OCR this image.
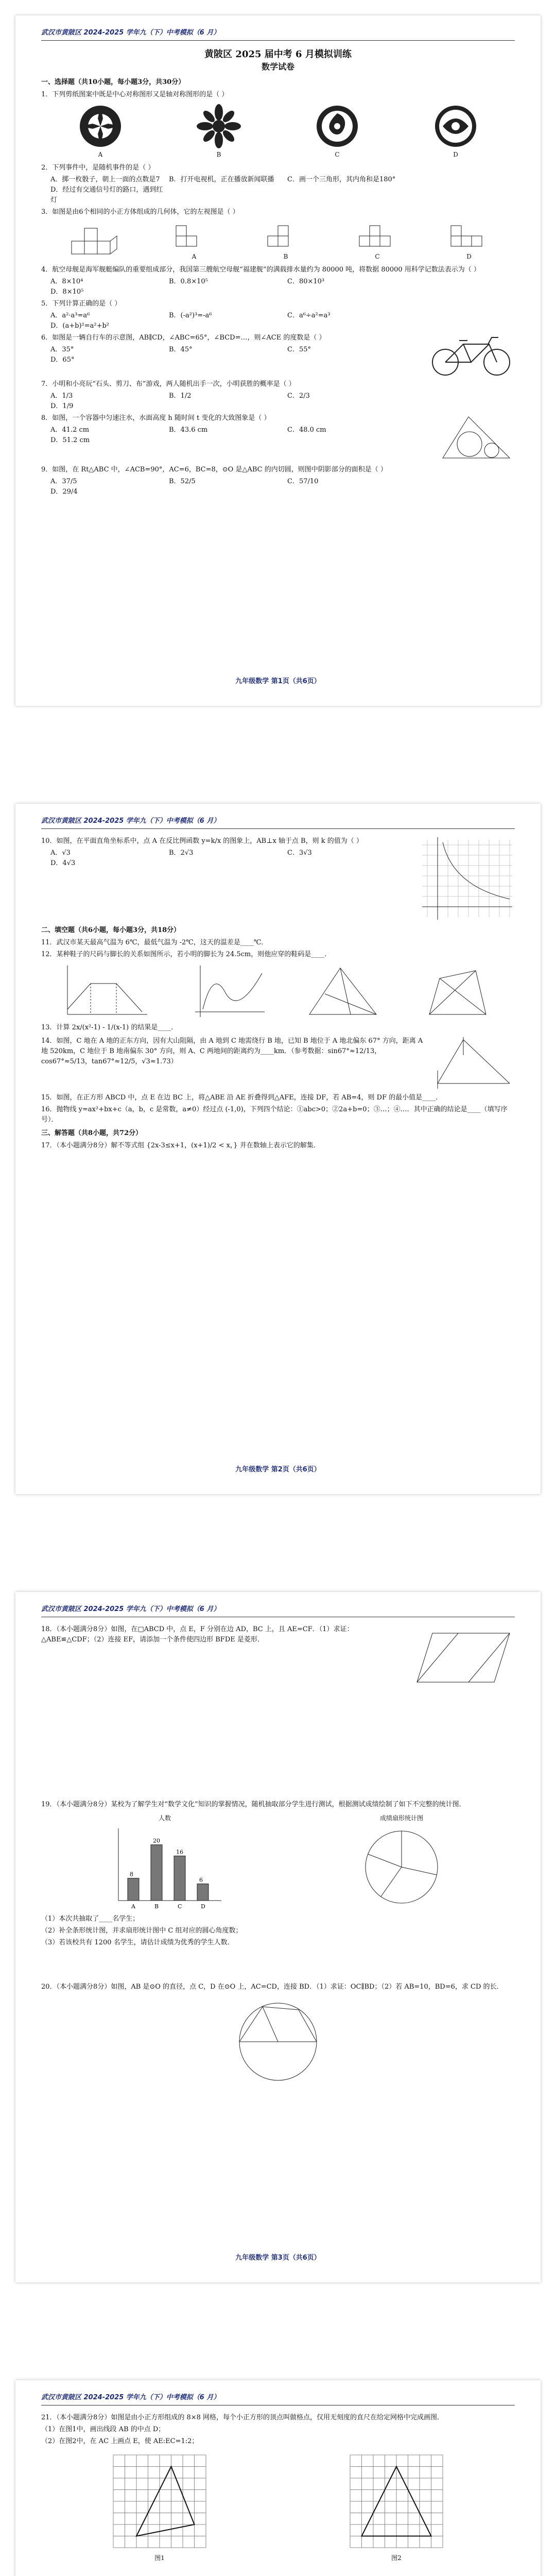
武汉市黄陂区 2024-2025 学年九（下）中考模拟（6 月）
黄陂区 2025 届中考 6 月模拟训练
数学试卷
一、选择题（共10小题，每小题3分，共30分）
1．下列剪纸图案中既是中心对称图形又是轴对称图形的是（ ）
A	B	C	D
2．下列事件中，是随机事件的是（ ）
A．掷一枚骰子，朝上一面的点数是7	B．打开电视机，正在播放新闻联播	C．画一个三角形，其内角和是180°
D．经过有交通信号灯的路口，遇到红灯
3．如图是由6个相同的小正方体组成的几何体，它的左视图是（ ）
A	B	C	D
4．航空母舰是海军舰艇编队的重要组成部分，我国第三艘航空母舰“福建舰”的满载排水量约为 80000 吨，将数据 80000 用科学记数法表示为（ ）
A．8×10⁴	B．0.8×10⁵	C．80×10³
D．8×10⁵
5．下列计算正确的是（ ）
A．a²·a³=a⁶	B．(-a²)³=-a⁶	C．a⁶÷a²=a³
D．(a+b)²=a²+b²
6．如图是一辆自行车的示意图，AB∥CD，∠ABC=65°，∠BCD=…，则∠ACE 的度数是（ ）
A．35°	B．45°	C．55°
D．65°
7．小明和小亮玩“石头、剪刀、布”游戏，两人随机出手一次，小明获胜的概率是（ ）
A．1/3	B．1/2	C．2/3
D．1/9
8．如图，一个容器中匀速注水，水面高度 h 随时间 t 变化的大致图象是（ ）
A．41.2 cm	B．43.6 cm	C．48.0 cm
D．51.2 cm
9．如图，在 Rt△ABC 中，∠ACB=90°，AC=6，BC=8，⊙O 是△ABC 的内切圆，则图中阴影部分的面积是（ ）
A．37/5	B．52/5	C．57/10
D．29/4
九年级数学 第1页（共6页）
武汉市黄陂区 2024-2025 学年九（下）中考模拟（6 月）
10．如图，在平面直角坐标系中，点 A 在反比例函数 y=k/x 的图象上，AB⊥x 轴于点 B，则 k 的值为（ ）
A．√3	B．2√3	C．3√3
D．4√3
二、填空题（共6小题，每小题3分，共18分）
11．武汉市某天最高气温为 6℃，最低气温为 -2℃，这天的温差是____℃．
12．某种鞋子的尺码与脚长的关系如图所示，若小明的脚长为 24.5cm，则他应穿的鞋码是____．
13．计算 2x/(x²-1) - 1/(x-1) 的结果是____．
14．如图，C 地在 A 地的正东方向，因有大山阻隔，由 A 地到 C 地需绕行 B 地，已知 B 地位于 A 地北偏东 67° 方向，距离 A 地 520km，C 地位于 B 地南偏东 30° 方向，则 A、C 两地间的距离约为____km．（参考数据：sin67°≈12/13，cos67°≈5/13，tan67°≈12/5，√3≈1.73）
15．如图，在正方形 ABCD 中，点 E 在边 BC 上，将△ABE 沿 AE 折叠得到△AFE，连接 DF，若 AB=4，则 DF 的最小值是____．
16．抛物线 y=ax²+bx+c（a，b，c 是常数，a≠0）经过点 (-1,0)，下列四个结论：①abc>0；②2a+b=0；③…；④…．其中正确的结论是____（填写序号）．
三、解答题（共8小题，共72分）
17．（本小题满分8分）解不等式组 {2x-3≤x+1，(x+1)/2 < x，} 并在数轴上表示它的解集．
九年级数学 第2页（共6页）
武汉市黄陂区 2024-2025 学年九（下）中考模拟（6 月）
18．（本小题满分8分）如图，在□ABCD 中，点 E，F 分别在边 AD，BC 上，且 AE=CF．（1）求证：△ABE≌△CDF；（2）连接 EF，请添加一个条件使四边形 BFDE 是菱形．
19．（本小题满分8分）某校为了解学生对“数学文化”知识的掌握情况，随机抽取部分学生进行测试，根据测试成绩绘制了如下不完整的统计图．
人数
8
20
16
6
A	B	C	D
成绩扇形统计图
（1）本次共抽取了____名学生；
（2）补全条形统计图，并求扇形统计图中 C 组对应的圆心角度数；
（3）若该校共有 1200 名学生，请估计成绩为优秀的学生人数．
20．（本小题满分8分）如图，AB 是⊙O 的直径，点 C，D 在⊙O 上，AC=CD，连接 BD．（1）求证：OC∥BD；（2）若 AB=10，BD=6，求 CD 的长．
九年级数学 第3页（共6页）
武汉市黄陂区 2024-2025 学年九（下）中考模拟（6 月）
21．（本小题满分8分）如图是由小正方形组成的 8×8 网格，每个小正方形的顶点叫做格点，仅用无刻度的直尺在给定网格中完成画图．
（1）在图1中，画出线段 AB 的中点 D；
（2）在图2中，在 AC 上画点 E，使 AE:EC=1:2；
图1	图2
